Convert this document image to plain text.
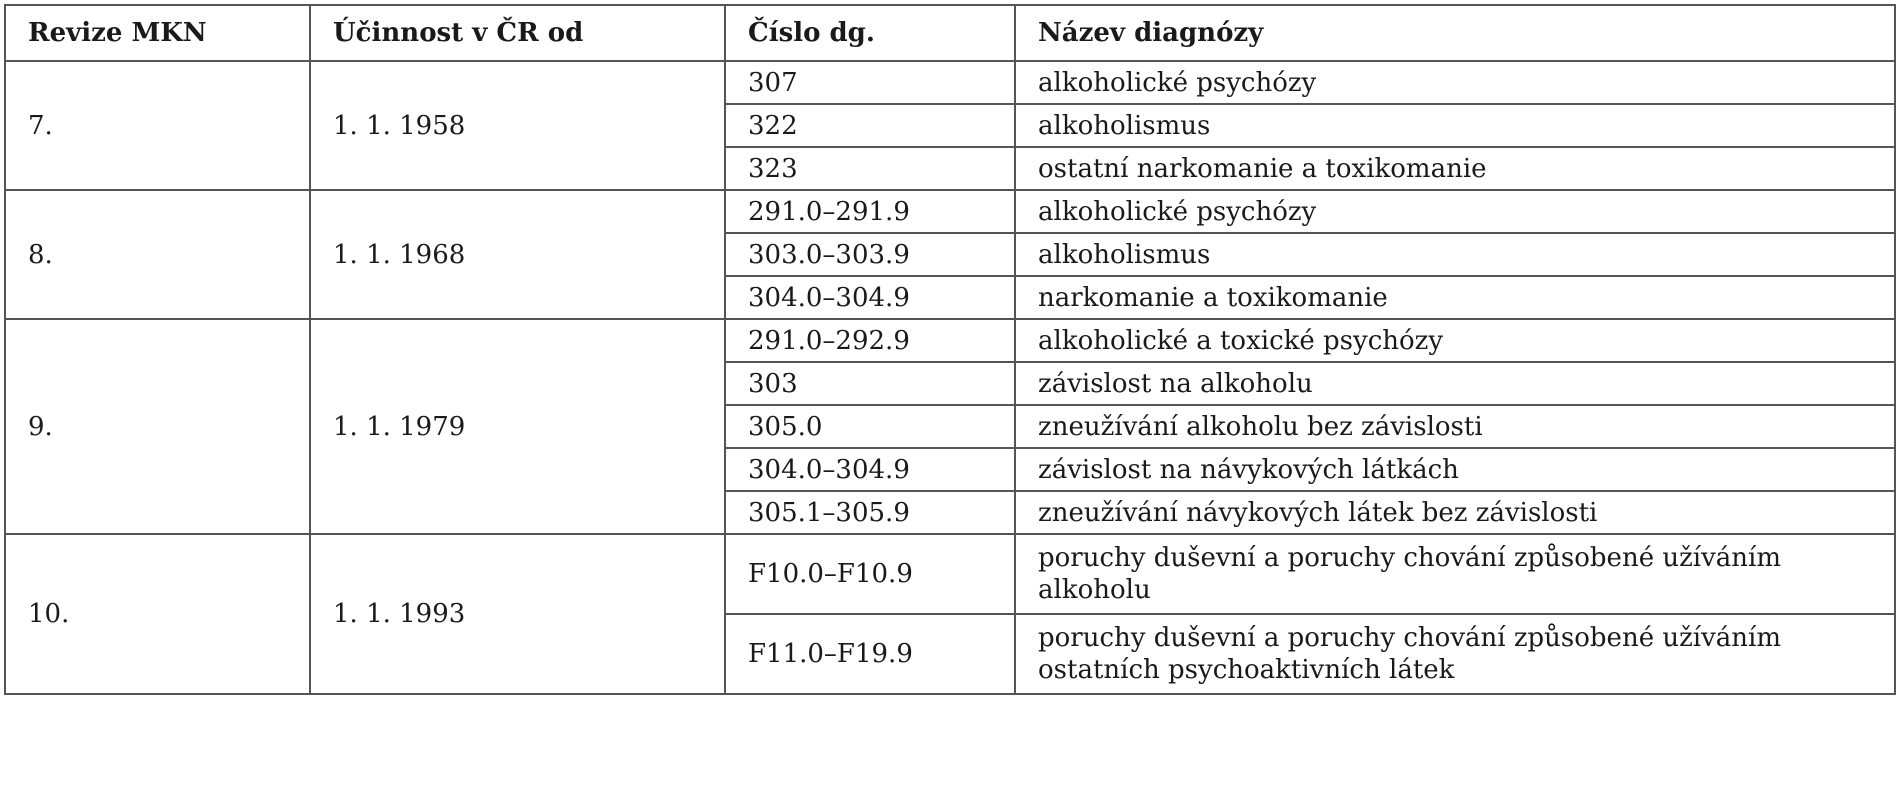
Revize MKN	Účinnost v ČR od	Číslo dg.	Název diagnózy
7.	1. 1. 1958	307	alkoholické psychózy
		322	alkoholismus
		323	ostatní narkomanie a toxikomanie
8.	1. 1. 1968	291.0–291.9	alkoholické psychózy
		303.0–303.9	alkoholismus
		304.0–304.9	narkomanie a toxikomanie
9.	1. 1. 1979	291.0–292.9	alkoholické a toxické psychózy
		303	závislost na alkoholu
		305.0	zneužívání alkoholu bez závislosti
		304.0–304.9	závislost na návykových látkách
		305.1–305.9	zneužívání návykových látek bez závislosti
10.	1. 1. 1993	F10.0–F10.9	poruchy duševní a poruchy chování způsobené užíváním alkoholu
		F11.0–F19.9	poruchy duševní a poruchy chování způsobené užíváním ostatních psychoaktivních látek
